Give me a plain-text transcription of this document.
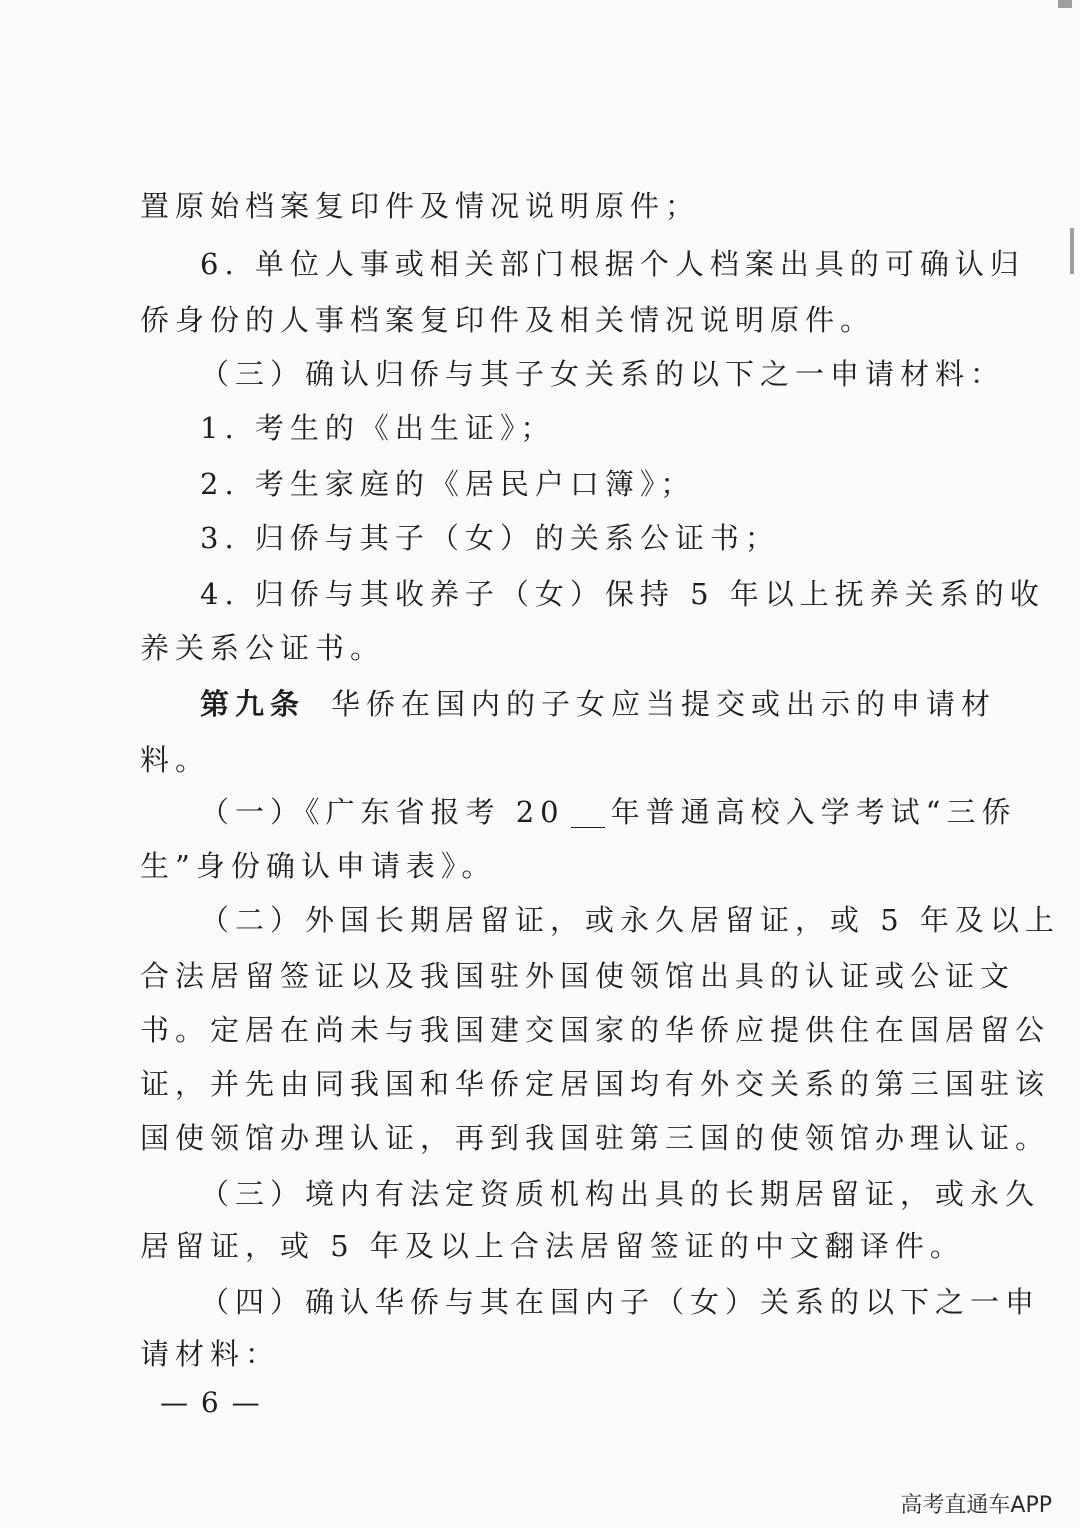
置原始档案复印件及情况说明原件；
6. 单位人事或相关部门根据个人档案出具的可确认归
侨身份的人事档案复印件及相关情况说明原件。
（三）确认归侨与其子女关系的以下之一申请材料：
1. 考生的《出生证》；
2. 考生家庭的《居民户口簿》；
3. 归侨与其子（女）的关系公证书；
4. 归侨与其收养子（女）保持 5 年以上抚养关系的收
养关系公证书。
第九条 华侨在国内的子女应当提交或出示的申请材
料。
（一）《广东省报考 20 年普通高校入学考试“三侨
生”身份确认申请表》。
（二）外国长期居留证，或永久居留证，或 5 年及以上
合法居留签证以及我国驻外国使领馆出具的认证或公证文
书。定居在尚未与我国建交国家的华侨应提供住在国居留公
证，并先由同我国和华侨定居国均有外交关系的第三国驻该
国使领馆办理认证，再到我国驻第三国的使领馆办理认证。
（三）境内有法定资质机构出具的长期居留证，或永久
居留证，或 5 年及以上合法居留签证的中文翻译件。
（四）确认华侨与其在国内子（女）关系的以下之一申
请材料：
— 6 —
高考直通车APP
